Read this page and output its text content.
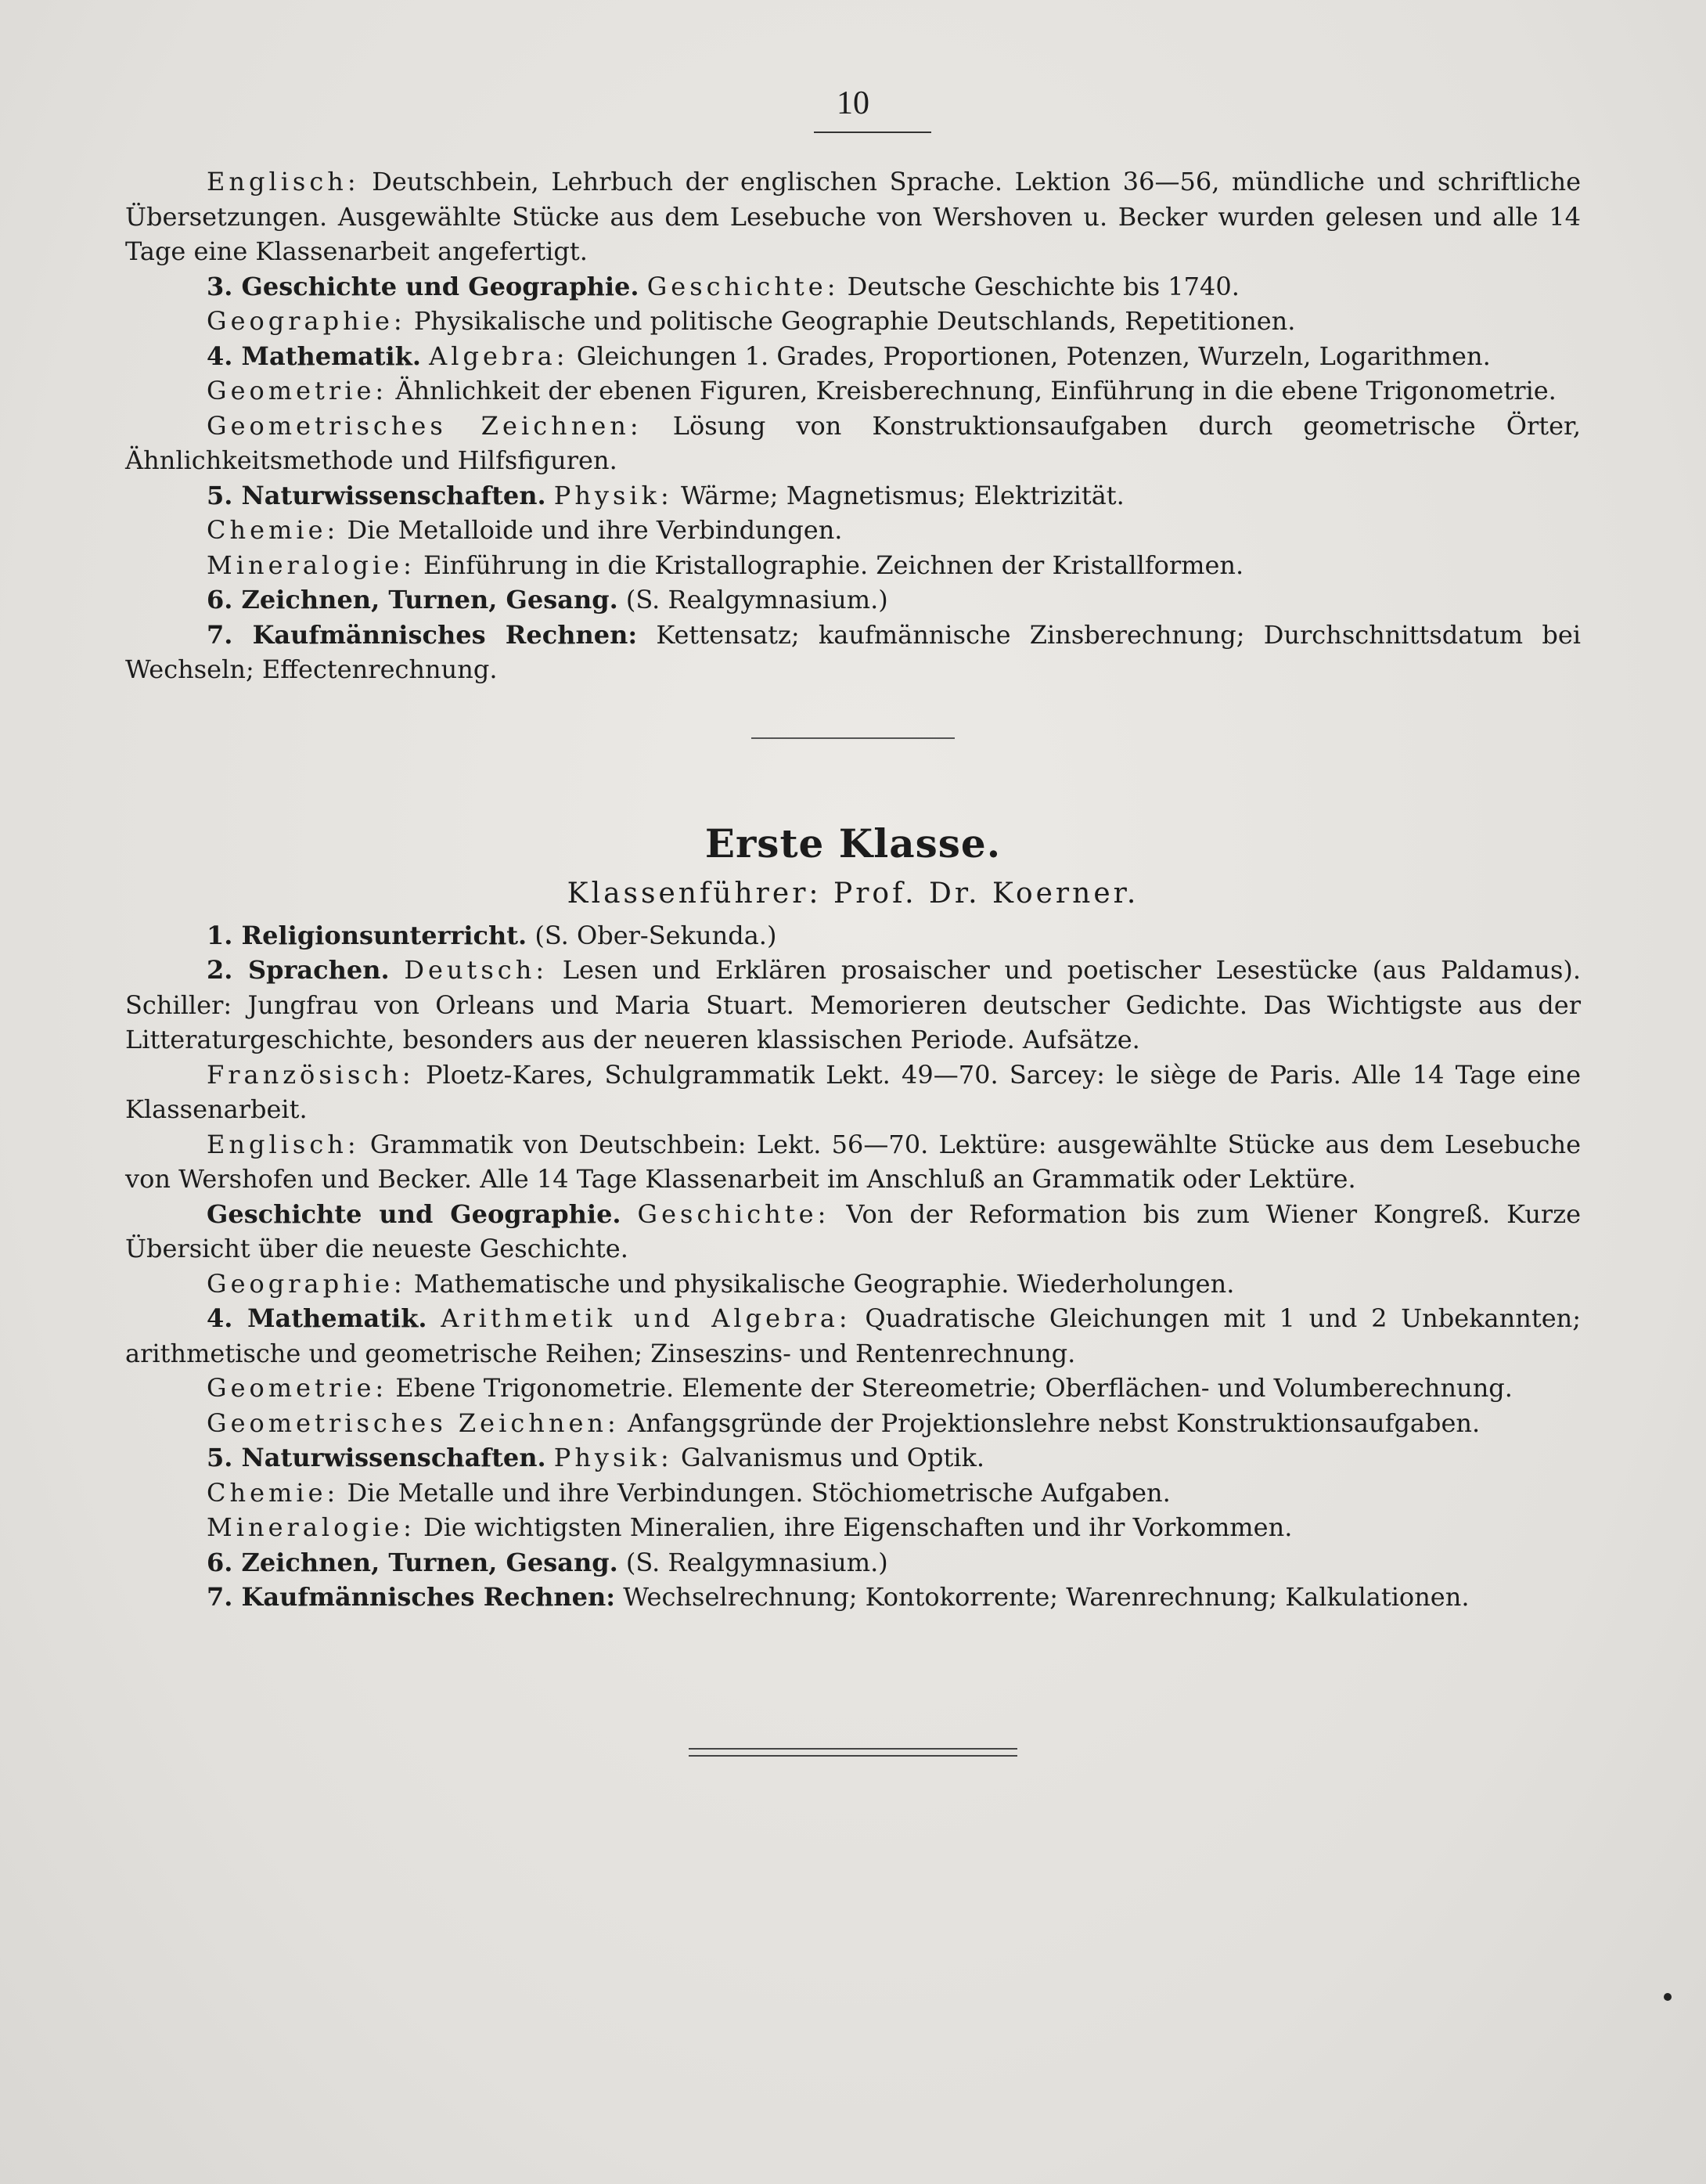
10

Englisch: Deutschbein, Lehrbuch der englischen Sprache. Lektion 36—56, mündliche und schriftliche Übersetzungen. Ausgewählte Stücke aus dem Lesebuche von Wershoven u. Becker wurden gelesen und alle 14 Tage eine Klassenarbeit angefertigt.

3. Geschichte und Geographie. Geschichte: Deutsche Geschichte bis 1740.

Geographie: Physikalische und politische Geographie Deutschlands, Repetitionen.

4. Mathematik. Algebra: Gleichungen 1. Grades, Proportionen, Potenzen, Wurzeln, Logarithmen.

Geometrie: Ähnlichkeit der ebenen Figuren, Kreisberechnung, Einführung in die ebene Trigonometrie.

Geometrisches Zeichnen: Lösung von Konstruktionsaufgaben durch geometrische Örter, Ähnlichkeitsmethode und Hilfsfiguren.

5. Naturwissenschaften. Physik: Wärme; Magnetismus; Elektrizität.

Chemie: Die Metalloide und ihre Verbindungen.

Mineralogie: Einführung in die Kristallographie. Zeichnen der Kristallformen.

6. Zeichnen, Turnen, Gesang. (S. Realgymnasium.)

7. Kaufmännisches Rechnen: Kettensatz; kaufmännische Zinsberechnung; Durchschnittsdatum bei Wechseln; Effectenrechnung.

Erste Klasse.

Klassenführer: Prof. Dr. Koerner.

1. Religionsunterricht. (S. Ober-Sekunda.)

2. Sprachen. Deutsch: Lesen und Erklären prosaischer und poetischer Lesestücke (aus Paldamus). Schiller: Jungfrau von Orleans und Maria Stuart. Memorieren deutscher Gedichte. Das Wichtigste aus der Litteraturgeschichte, besonders aus der neueren klassischen Periode. Aufsätze.

Französisch: Ploetz-Kares, Schulgrammatik Lekt. 49—70. Sarcey: le siège de Paris. Alle 14 Tage eine Klassenarbeit.

Englisch: Grammatik von Deutschbein: Lekt. 56—70. Lektüre: ausgewählte Stücke aus dem Lesebuche von Wershofen und Becker. Alle 14 Tage Klassenarbeit im Anschluß an Grammatik oder Lektüre.

Geschichte und Geographie. Geschichte: Von der Reformation bis zum Wiener Kongreß. Kurze Übersicht über die neueste Geschichte.

Geographie: Mathematische und physikalische Geographie. Wiederholungen.

4. Mathematik. Arithmetik und Algebra: Quadratische Gleichungen mit 1 und 2 Unbekannten; arithmetische und geometrische Reihen; Zinseszins- und Rentenrechnung.

Geometrie: Ebene Trigonometrie. Elemente der Stereometrie; Oberflächen- und Volumberechnung.

Geometrisches Zeichnen: Anfangsgründe der Projektionslehre nebst Konstruktionsaufgaben.

5. Naturwissenschaften. Physik: Galvanismus und Optik.

Chemie: Die Metalle und ihre Verbindungen. Stöchiometrische Aufgaben.

Mineralogie: Die wichtigsten Mineralien, ihre Eigenschaften und ihr Vorkommen.

6. Zeichnen, Turnen, Gesang. (S. Realgymnasium.)

7. Kaufmännisches Rechnen: Wechselrechnung; Kontokorrente; Warenrechnung; Kalkulationen.
